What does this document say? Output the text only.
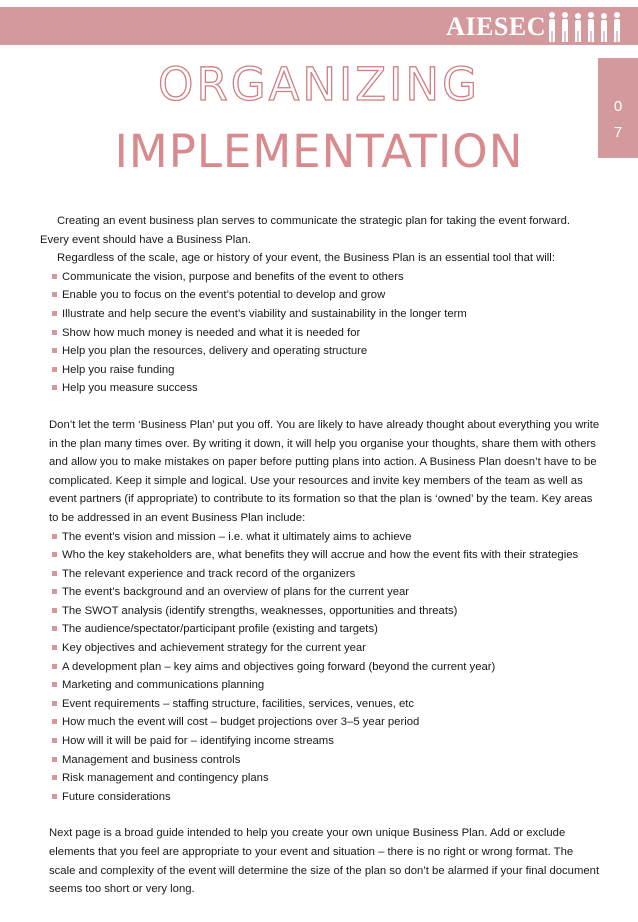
AIESEC
0
7
ORGANIZING
IMPLEMENTATION

Creating an event business plan serves to communicate the strategic plan for taking the event forward. Every event should have a Business Plan.

Regardless of the scale, age or history of your event, the Business Plan is an essential tool that will:

Communicate the vision, purpose and benefits of the event to others
Enable you to focus on the event’s potential to develop and grow
Illustrate and help secure the event’s viability and sustainability in the longer term
Show how much money is needed and what it is needed for
Help you plan the resources, delivery and operating structure
Help you raise funding
Help you measure success

Don’t let the term ‘Business Plan’ put you off. You are likely to have already thought about everything you write in the plan many times over. By writing it down, it will help you organise your thoughts, share them with others and allow you to make mistakes on paper before putting plans into action. A Business Plan doesn’t have to be complicated. Keep it simple and logical. Use your resources and invite key members of the team as well as event partners (if appropriate) to contribute to its formation so that the plan is ‘owned’ by the team. Key areas to be addressed in an event Business Plan include:

The event’s vision and mission – i.e. what it ultimately aims to achieve
Who the key stakeholders are, what benefits they will accrue and how the event fits with their strategies
The relevant experience and track record of the organizers
The event’s background and an overview of plans for the current year
The SWOT analysis (identify strengths, weaknesses, opportunities and threats)
The audience/spectator/participant profile (existing and targets)
Key objectives and achievement strategy for the current year
A development plan – key aims and objectives going forward (beyond the current year)
Marketing and communications planning
Event requirements – staffing structure, facilities, services, venues, etc
How much the event will cost – budget projections over 3–5 year period
How will it will be paid for – identifying income streams
Management and business controls
Risk management and contingency plans
Future considerations

Next page is a broad guide intended to help you create your own unique Business Plan. Add or exclude elements that you feel are appropriate to your event and situation – there is no right or wrong format. The scale and complexity of the event will determine the size of the plan so don’t be alarmed if your final document seems too short or very long.
